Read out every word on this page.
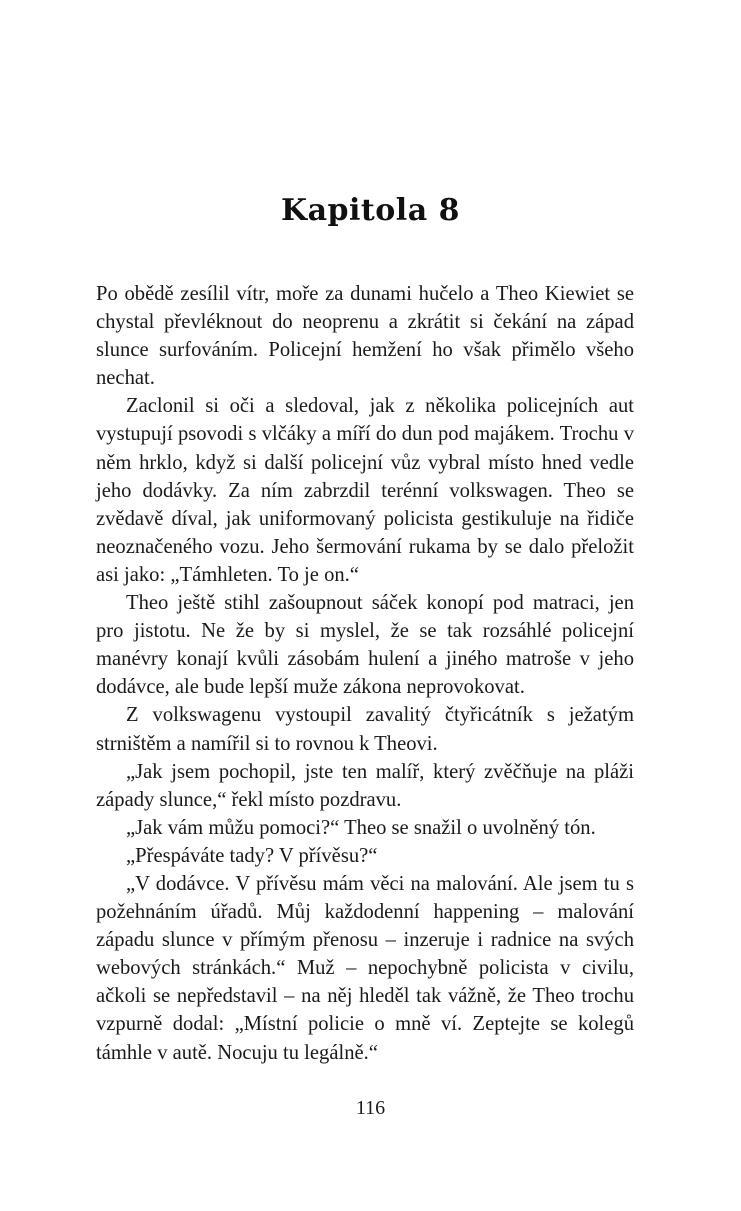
Kapitola 8

Po obědě zesílil vítr, moře za dunami hučelo a Theo Kiewiet se chystal převléknout do neoprenu a zkrátit si čekání na západ slunce surfováním. Policejní hemžení ho však přimělo všeho nechat.

Zaclonil si oči a sledoval, jak z několika policejních aut vystupují psovodi s vlčáky a míří do dun pod majákem. Trochu v něm hrklo, když si další policejní vůz vybral místo hned vedle jeho dodávky. Za ním zabrzdil terénní volkswagen. Theo se zvědavě díval, jak uniformovaný policista gestikuluje na řidiče neoznačeného vozu. Jeho šermování rukama by se dalo přeložit asi jako: „Támhleten. To je on.“

Theo ještě stihl zašoupnout sáček konopí pod matraci, jen pro jistotu. Ne že by si myslel, že se tak rozsáhlé policejní manévry konají kvůli zásobám hulení a jiného matroše v jeho dodávce, ale bude lepší muže zákona neprovokovat.

Z volkswagenu vystoupil zavalitý čtyřicátník s ježatým strništěm a namířil si to rovnou k Theovi.

„Jak jsem pochopil, jste ten malíř, který zvěčňuje na pláži západy slunce,“ řekl místo pozdravu.

„Jak vám můžu pomoci?“ Theo se snažil o uvolněný tón.

„Přespáváte tady? V přívěsu?“

„V dodávce. V přívěsu mám věci na malování. Ale jsem tu s požehnáním úřadů. Můj každodenní happening – malování západu slunce v přímým přenosu – inzeruje i radnice na svých webových stránkách.“ Muž – nepochybně policista v civilu, ačkoli se nepředstavil – na něj hleděl tak vážně, že Theo trochu vzpurně dodal: „Místní policie o mně ví. Zeptejte se kolegů támhle v autě. Nocuju tu legálně.“

116
